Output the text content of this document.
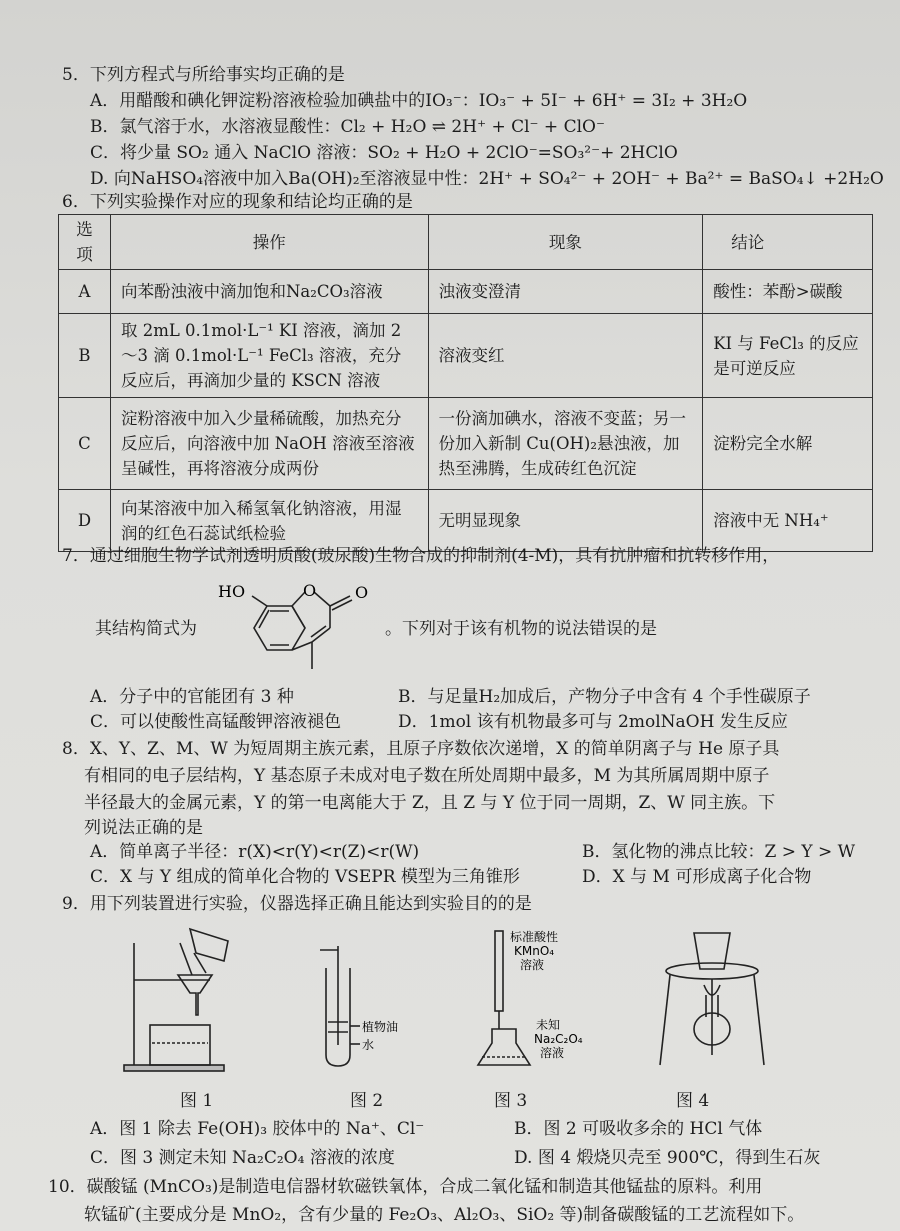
5．下列方程式与所给事实均正确的是
A．用醋酸和碘化钾淀粉溶液检验加碘盐中的IO₃⁻：IO₃⁻ + 5I⁻ + 6H⁺ = 3I₂ + 3H₂O
B．氯气溶于水，水溶液显酸性：Cl₂ + H₂O ⇌ 2H⁺ + Cl⁻ + ClO⁻
C．将少量 SO₂ 通入 NaClO 溶液：SO₂ + H₂O + 2ClO⁻=SO₃²⁻+ 2HClO
D. 向NaHSO₄溶液中加入Ba(OH)₂至溶液显中性：2H⁺ + SO₄²⁻ + 2OH⁻ + Ba²⁺ = BaSO₄↓ +2H₂O
6．下列实验操作对应的现象和结论均正确的是
选项	操作	现象	结论
A	向苯酚浊液中滴加饱和Na₂CO₃溶液	浊液变澄清	酸性：苯酚>碳酸
B	取 2mL 0.1mol·L⁻¹ KI 溶液，滴加 2～3 滴 0.1mol·L⁻¹ FeCl₃ 溶液，充分反应后，再滴加少量的 KSCN 溶液	溶液变红	KI 与 FeCl₃ 的反应是可逆反应
C	淀粉溶液中加入少量稀硫酸，加热充分反应后，向溶液中加 NaOH 溶液至溶液呈碱性，再将溶液分成两份	一份滴加碘水，溶液不变蓝；另一份加入新制 Cu(OH)₂悬浊液，加热至沸腾，生成砖红色沉淀	淀粉完全水解
D	向某溶液中加入稀氢氧化钠溶液，用湿润的红色石蕊试纸检验	无明显现象	溶液中无 NH₄⁺
7．通过细胞生物学试剂透明质酸(玻尿酸)生物合成的抑制剂(4-M)，具有抗肿瘤和抗转移作用，
其结构简式为
HO	O O
。下列对于该有机物的说法错误的是
A．分子中的官能团有 3 种	B．与足量H₂加成后，产物分子中含有 4 个手性碳原子
C．可以使酸性高锰酸钾溶液褪色	D．1mol 该有机物最多可与 2molNaOH 发生反应
8．X、Y、Z、M、W 为短周期主族元素，且原子序数依次递增，X 的简单阴离子与 He 原子具
有相同的电子层结构，Y 基态原子未成对电子数在所处周期中最多，M 为其所属周期中原子
半径最大的金属元素，Y 的第一电离能大于 Z，且 Z 与 Y 位于同一周期，Z、W 同主族。下
列说法正确的是
A．简单离子半径：r(X)<r(Y)<r(Z)<r(W)	B．氢化物的沸点比较：Z > Y > W
C．X 与 Y 组成的简单化合物的 VSEPR 模型为三角锥形	D．X 与 M 可形成离子化合物
9．用下列装置进行实验，仪器选择正确且能达到实验目的的是
植物油
水
标准酸性
KMnO₄
溶液
未知
Na₂C₂O₄
溶液
图 1	图 2	图 3	图 4
A．图 1 除去 Fe(OH)₃ 胶体中的 Na⁺、Cl⁻	B．图 2 可吸收多余的 HCl 气体
C．图 3 测定未知 Na₂C₂O₄ 溶液的浓度	D. 图 4 煅烧贝壳至 900℃，得到生石灰
10．碳酸锰 (MnCO₃)是制造电信器材软磁铁氧体，合成二氧化锰和制造其他锰盐的原料。利用
软锰矿(主要成分是 MnO₂，含有少量的 Fe₂O₃、Al₂O₃、SiO₂ 等)制备碳酸锰的工艺流程如下。
